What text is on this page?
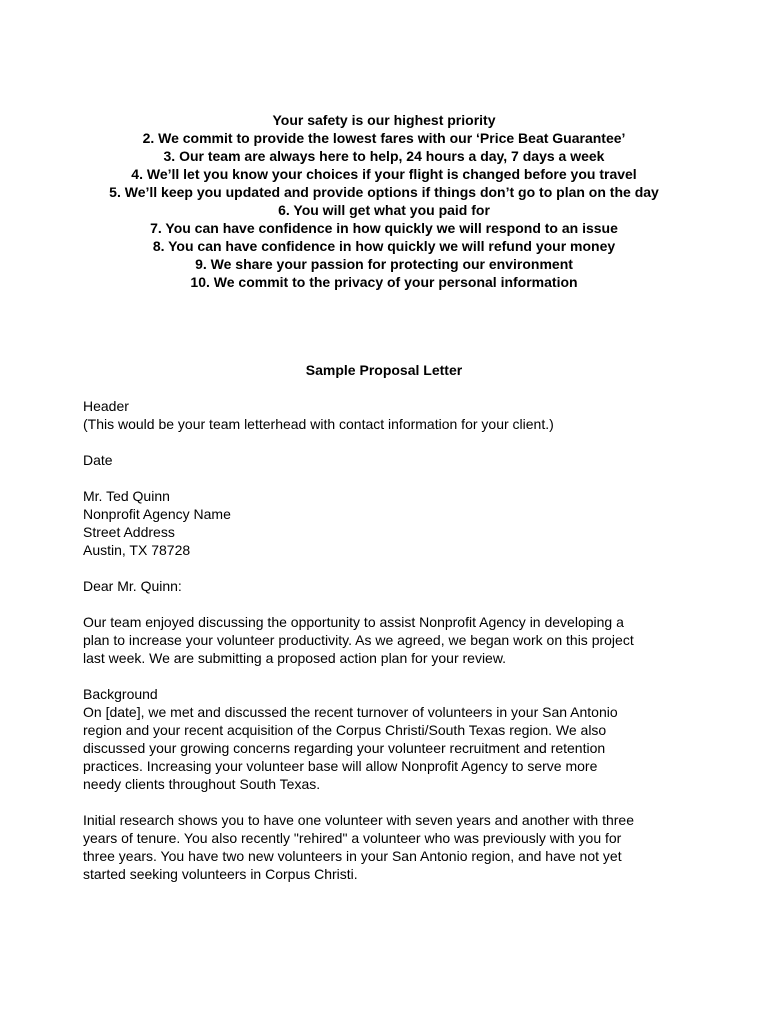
Your safety is our highest priority
2. We commit to provide the lowest fares with our ‘Price Beat Guarantee’
3. Our team are always here to help, 24 hours a day, 7 days a week
4. We’ll let you know your choices if your flight is changed before you travel
5. We’ll keep you updated and provide options if things don’t go to plan on the day
6. You will get what you paid for
7. You can have confidence in how quickly we will respond to an issue
8. You can have confidence in how quickly we will refund your money
9. We share your passion for protecting our environment
10. We commit to the privacy of your personal information
Sample Proposal Letter
Header
(This would be your team letterhead with contact information for your client.)
Date
Mr. Ted Quinn
Nonprofit Agency Name
Street Address
Austin, TX 78728
Dear Mr. Quinn:
Our team enjoyed discussing the opportunity to assist Nonprofit Agency in developing a
plan to increase your volunteer productivity. As we agreed, we began work on this project
last week. We are submitting a proposed action plan for your review.
Background
On [date], we met and discussed the recent turnover of volunteers in your San Antonio
region and your recent acquisition of the Corpus Christi/South Texas region. We also
discussed your growing concerns regarding your volunteer recruitment and retention
practices. Increasing your volunteer base will allow Nonprofit Agency to serve more
needy clients throughout South Texas.
Initial research shows you to have one volunteer with seven years and another with three
years of tenure. You also recently "rehired" a volunteer who was previously with you for
three years. You have two new volunteers in your San Antonio region, and have not yet
started seeking volunteers in Corpus Christi.
